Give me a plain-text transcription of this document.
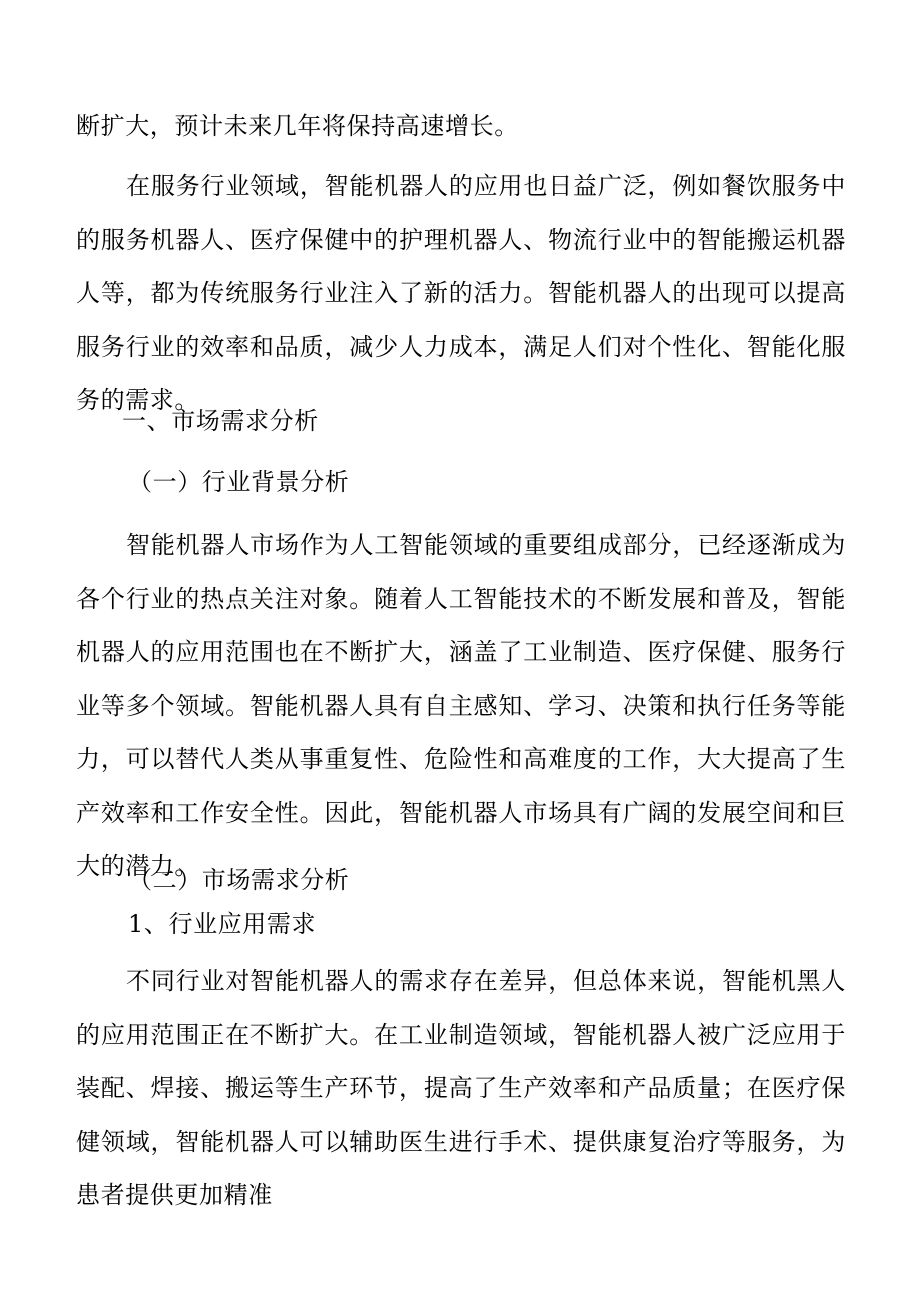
断扩大，预计未来几年将保持高速增长。

在服务行业领域，智能机器人的应用也日益广泛，例如餐饮服务中的服务机器人、医疗保健中的护理机器人、物流行业中的智能搬运机器人等，都为传统服务行业注入了新的活力。智能机器人的出现可以提高服务行业的效率和品质，减少人力成本，满足人们对个性化、智能化服务的需求。

一、市场需求分析
（一）行业背景分析

智能机器人市场作为人工智能领域的重要组成部分，已经逐渐成为各个行业的热点关注对象。随着人工智能技术的不断发展和普及，智能机器人的应用范围也在不断扩大，涵盖了工业制造、医疗保健、服务行业等多个领域。智能机器人具有自主感知、学习、决策和执行任务等能力，可以替代人类从事重复性、危险性和高难度的工作，大大提高了生产效率和工作安全性。因此，智能机器人市场具有广阔的发展空间和巨大的潜力。

（二）市场需求分析
1、行业应用需求

不同行业对智能机器人的需求存在差异，但总体来说，智能机黑人的应用范围正在不断扩大。在工业制造领域，智能机器人被广泛应用于装配、焊接、搬运等生产环节，提高了生产效率和产品质量；在医疗保健领域，智能机器人可以辅助医生进行手术、提供康复治疗等服务，为患者提供更加精准
